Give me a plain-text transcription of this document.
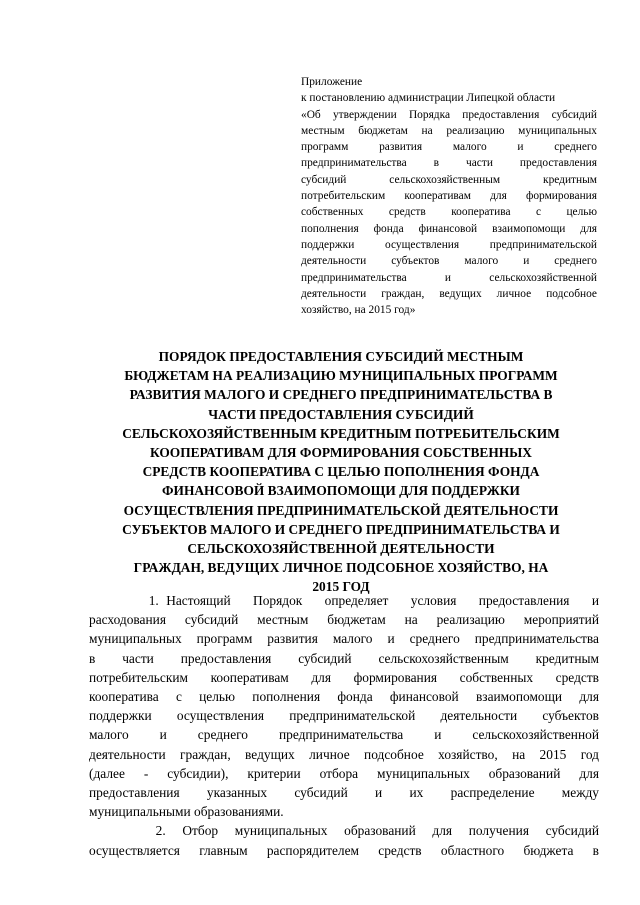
Приложение
к постановлению администрации Липецкой области
«Об утверждении Порядка предоставления субсидий
местным бюджетам на реализацию муниципальных
программ развития малого и среднего
предпринимательства в части предоставления
субсидий сельскохозяйственным кредитным
потребительским кооперативам для формирования
собственных средств кооператива с целью
пополнения фонда финансовой взаимопомощи для
поддержки осуществления предпринимательской
деятельности субъектов малого и среднего
предпринимательства и сельскохозяйственной
деятельности граждан, ведущих личное подсобное
хозяйство, на 2015 год»
ПОРЯДОК ПРЕДОСТАВЛЕНИЯ СУБСИДИЙ МЕСТНЫМ
БЮДЖЕТАМ НА РЕАЛИЗАЦИЮ МУНИЦИПАЛЬНЫХ ПРОГРАММ
РАЗВИТИЯ МАЛОГО И СРЕДНЕГО ПРЕДПРИНИМАТЕЛЬСТВА В
ЧАСТИ ПРЕДОСТАВЛЕНИЯ СУБСИДИЙ
СЕЛЬСКОХОЗЯЙСТВЕННЫМ КРЕДИТНЫМ ПОТРЕБИТЕЛЬСКИМ
КООПЕРАТИВАМ ДЛЯ ФОРМИРОВАНИЯ СОБСТВЕННЫХ
СРЕДСТВ КООПЕРАТИВА С ЦЕЛЬЮ ПОПОЛНЕНИЯ ФОНДА
ФИНАНСОВОЙ ВЗАИМОПОМОЩИ ДЛЯ ПОДДЕРЖКИ
ОСУЩЕСТВЛЕНИЯ ПРЕДПРИНИМАТЕЛЬСКОЙ ДЕЯТЕЛЬНОСТИ
СУБЪЕКТОВ МАЛОГО И СРЕДНЕГО ПРЕДПРИНИМАТЕЛЬСТВА И
СЕЛЬСКОХОЗЯЙСТВЕННОЙ ДЕЯТЕЛЬНОСТИ
ГРАЖДАН, ВЕДУЩИХ ЛИЧНОЕ ПОДСОБНОЕ ХОЗЯЙСТВО, НА
2015 ГОД
1. Настоящий   Порядок   определяет   условия   предоставления   и
расходования субсидий местным бюджетам на реализацию мероприятий
муниципальных программ развития малого и среднего предпринимательства
в части предоставления субсидий сельскохозяйственным кредитным
потребительским кооперативам для формирования собственных средств
кооператива с целью пополнения фонда финансовой взаимопомощи для
поддержки осуществления предпринимательской деятельности субъектов
малого и среднего предпринимательства и сельскохозяйственной
деятельности граждан, ведущих личное подсобное хозяйство, на 2015 год
(далее - субсидии), критерии отбора муниципальных образований для
предоставления указанных субсидий и их распределение между
муниципальными образованиями.
2.  Отбор  муниципальных  образований  для  получения  субсидий
осуществляется главным распорядителем средств областного бюджета в
